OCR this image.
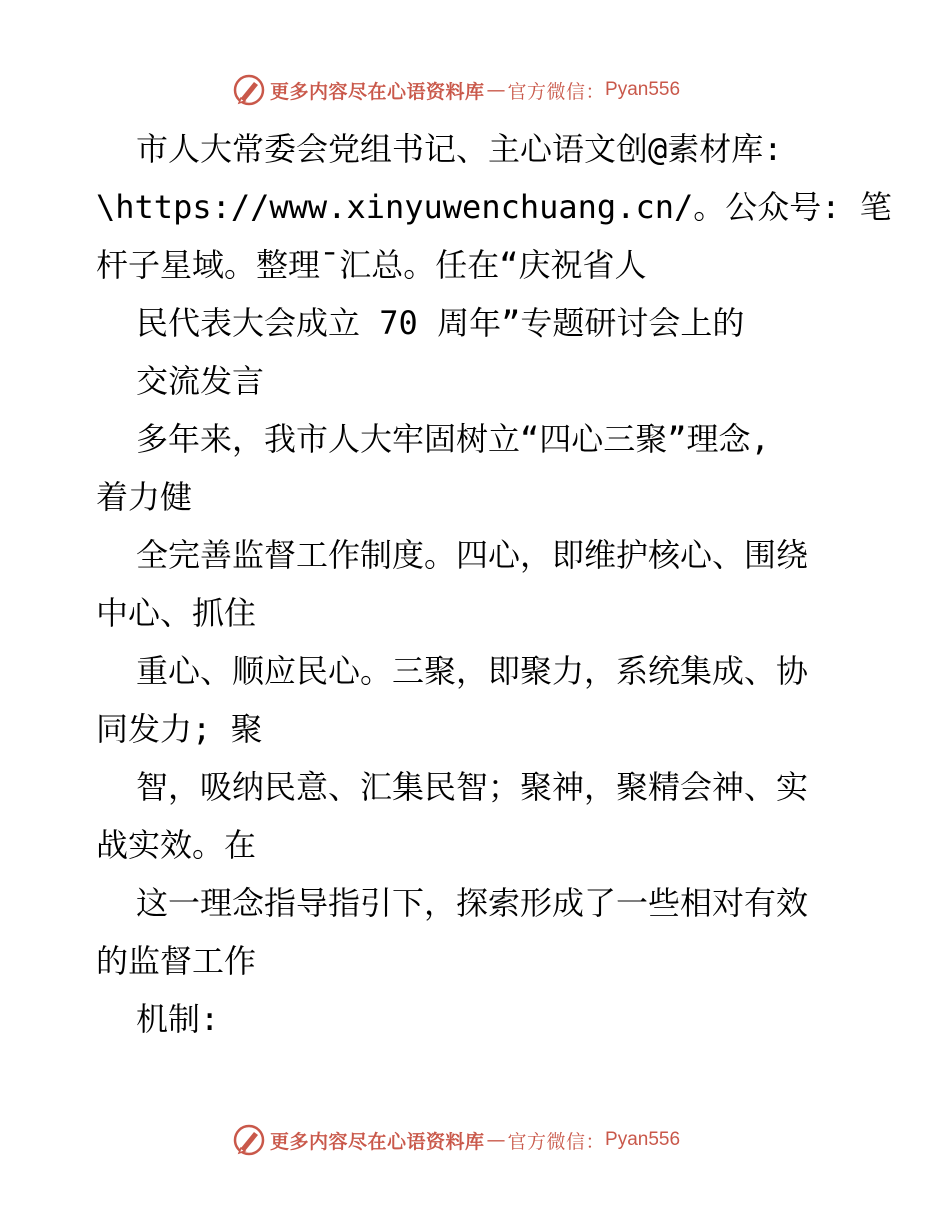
更多内容尽在心语资料库 — 官方微信： Pyan556
市人大常委会党组书记、主心语文创@素材库:
\https://www.xinyuwenchuang.cn/。公众号: 笔
杆子星域。整理¯汇总。任在“庆祝省人
民代表大会成立 70 周年”专题研讨会上的
交流发言
多年来，我市人大牢固树立“四心三聚”理念,
着力健
全完善监督工作制度。四心，即维护核心、围绕
中心、抓住
重心、顺应民心。三聚，即聚力，系统集成、协
同发力; 聚
智，吸纳民意、汇集民智；聚神，聚精会神、实
战实效。在
这一理念指导指引下，探索形成了一些相对有效
的监督工作
机制:
更多内容尽在心语资料库 — 官方微信： Pyan556
